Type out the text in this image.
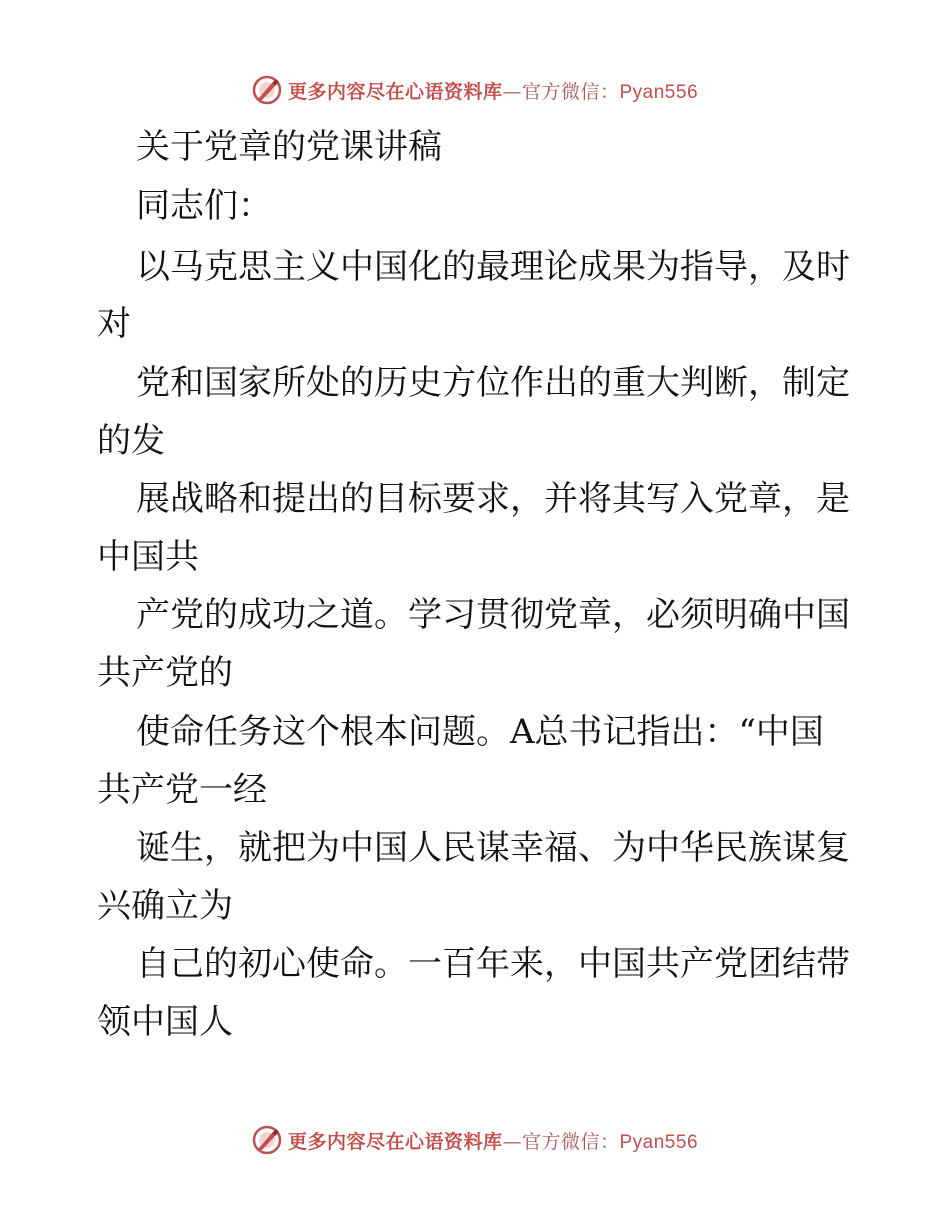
更多内容尽在心语资料库—官方微信：Pyan556
关于党章的党课讲稿
同志们：
以马克思主义中国化的最理论成果为指导，及时
对
党和国家所处的历史方位作出的重大判断，制定
的发
展战略和提出的目标要求，并将其写入党章，是
中国共
产党的成功之道。学习贯彻党章，必须明确中国
共产党的
使命任务这个根本问题。A总书记指出：“中国
共产党一经
诞生，就把为中国人民谋幸福、为中华民族谋复
兴确立为
自己的初心使命。一百年来，中国共产党团结带
领中国人
更多内容尽在心语资料库—官方微信：Pyan556
